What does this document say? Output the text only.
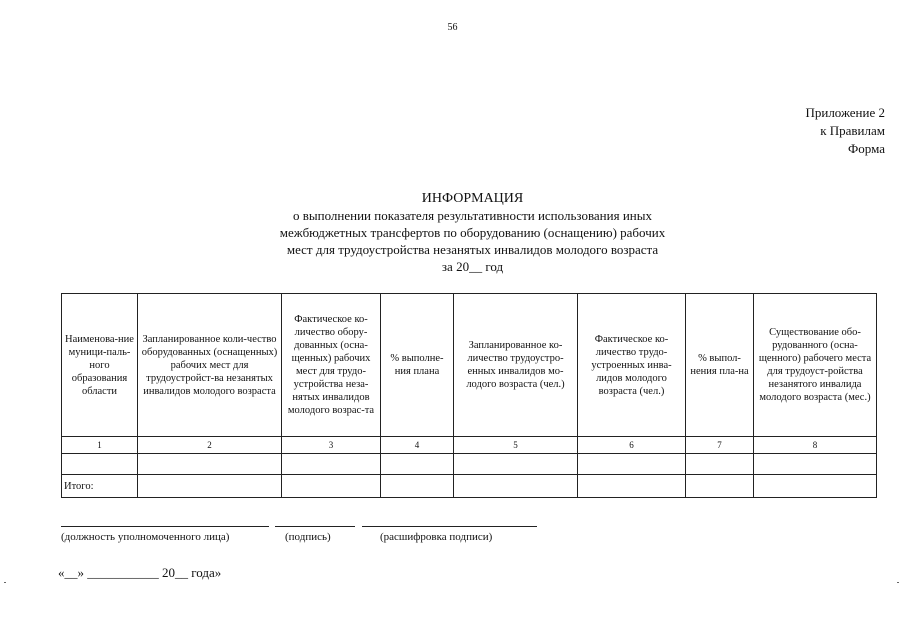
56
Приложение 2
к Правилам
Форма
ИНФОРМАЦИЯ
о выполнении показателя результативности использования иных
межбюджетных трансфертов по оборудованию (оснащению) рабочих
мест для трудоустройства незанятых инвалидов молодого возраста
за 20__ год
Наименова-ние муници-паль-ного образования области	Запланированное коли-чество оборудованных (оснащенных) рабочих мест для трудоустройст-ва незанятых инвалидов молодого возраста	Фактическое ко-личество обору-дованных (осна-щенных) рабочих мест для трудо-устройства неза-нятых инвалидов молодого возрас-та	% выполне-ния плана	Запланированное ко-личество трудоустро-енных инвалидов мо-лодого возраста (чел.)	Фактическое ко-личество трудо-устроенных инва-лидов молодого возраста (чел.)	% выпол-нения пла-на	Существование обо-рудованного (осна-щенного) рабочего места для трудоуст-ройства незанятого инвалида молодого возраста (мес.)
1	2	3	4	5	6	7	8

Итого:							
(должность уполномоченного лица)	(подпись)	(расшифровка подписи)
«__» ___________ 20__ года»
